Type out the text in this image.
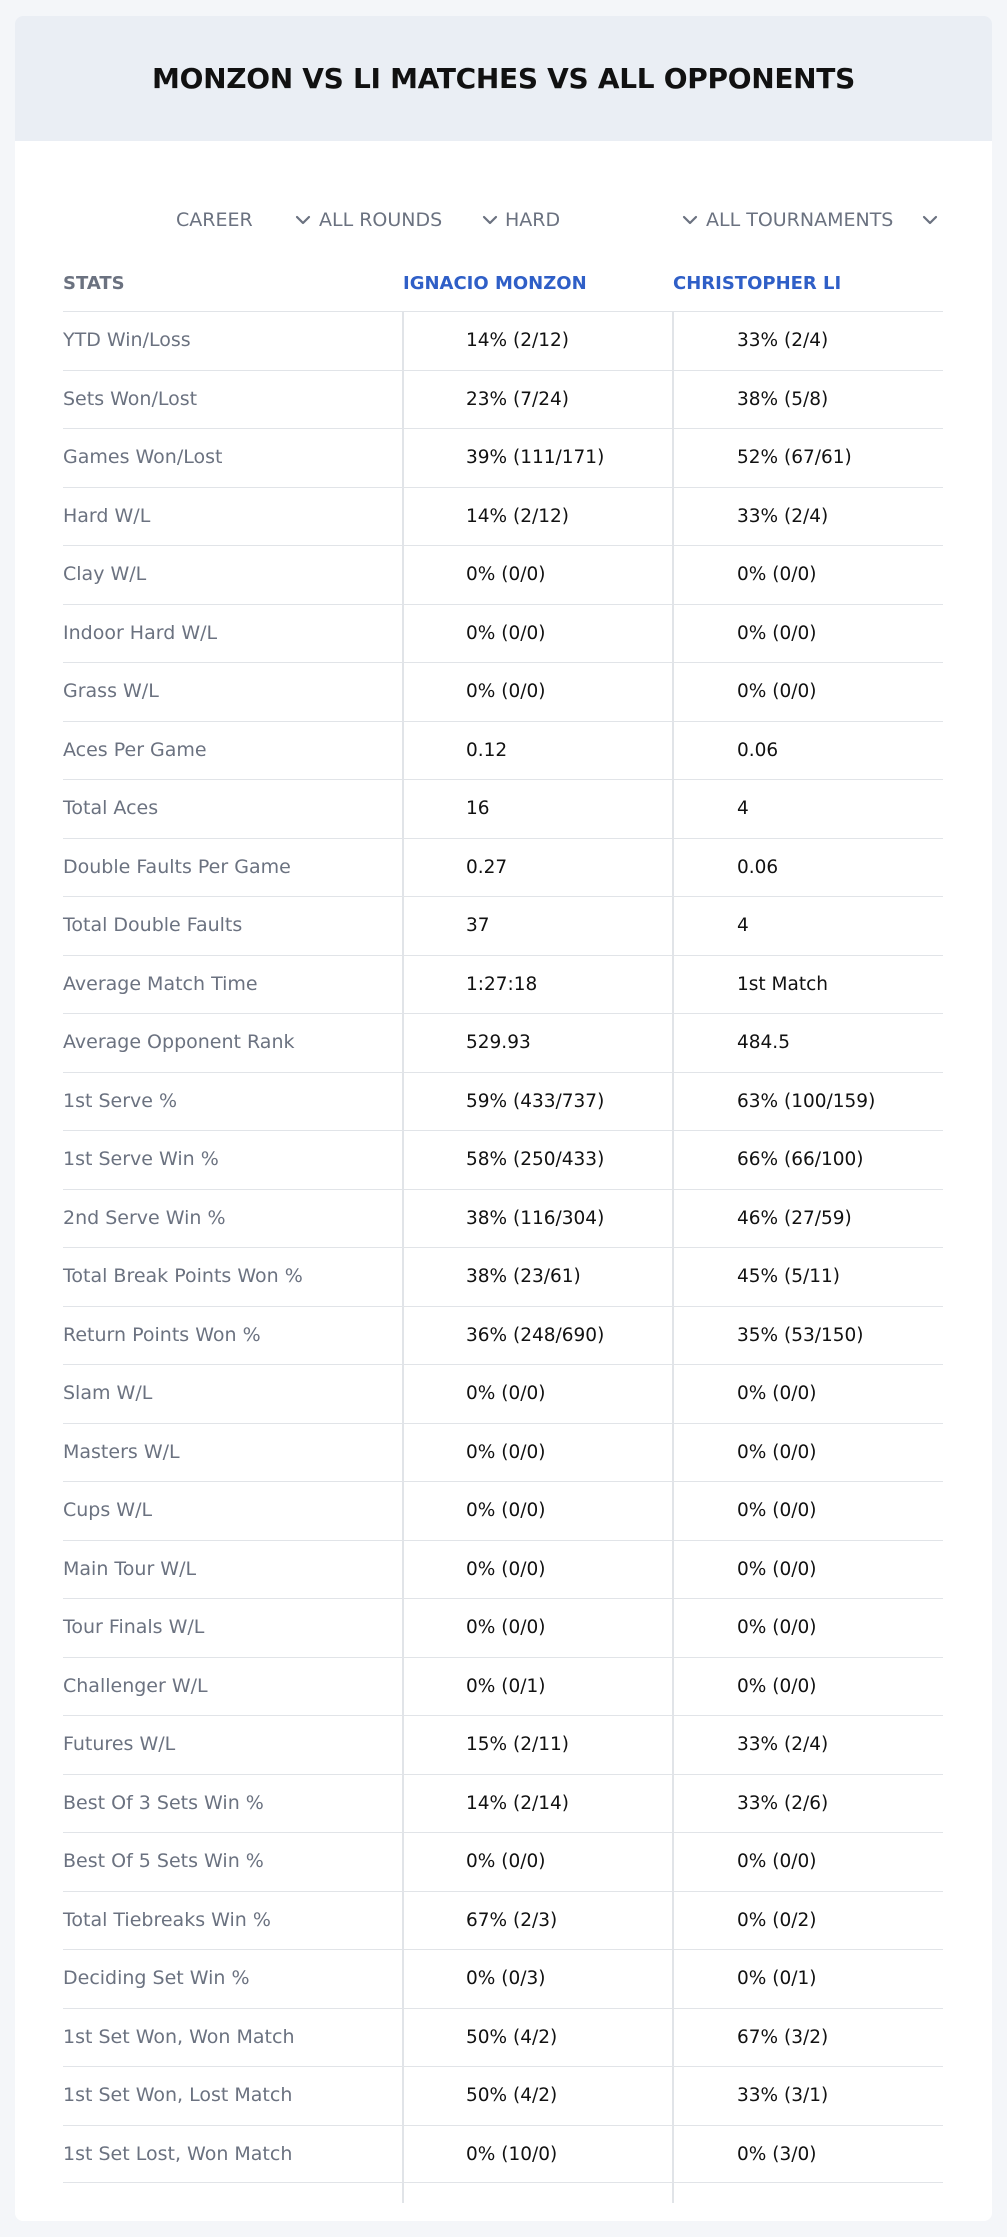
MONZON VS LI MATCHES VS ALL OPPONENTS
CAREER	ALL ROUNDS	HARD	ALL TOURNAMENTS
STATS	IGNACIO MONZON	CHRISTOPHER LI
YTD Win/Loss	14% (2/12)	33% (2/4)
Sets Won/Lost	23% (7/24)	38% (5/8)
Games Won/Lost	39% (111/171)	52% (67/61)
Hard W/L	14% (2/12)	33% (2/4)
Clay W/L	0% (0/0)	0% (0/0)
Indoor Hard W/L	0% (0/0)	0% (0/0)
Grass W/L	0% (0/0)	0% (0/0)
Aces Per Game	0.12	0.06
Total Aces	16	4
Double Faults Per Game	0.27	0.06
Total Double Faults	37	4
Average Match Time	1:27:18	1st Match
Average Opponent Rank	529.93	484.5
1st Serve %	59% (433/737)	63% (100/159)
1st Serve Win %	58% (250/433)	66% (66/100)
2nd Serve Win %	38% (116/304)	46% (27/59)
Total Break Points Won %	38% (23/61)	45% (5/11)
Return Points Won %	36% (248/690)	35% (53/150)
Slam W/L	0% (0/0)	0% (0/0)
Masters W/L	0% (0/0)	0% (0/0)
Cups W/L	0% (0/0)	0% (0/0)
Main Tour W/L	0% (0/0)	0% (0/0)
Tour Finals W/L	0% (0/0)	0% (0/0)
Challenger W/L	0% (0/1)	0% (0/0)
Futures W/L	15% (2/11)	33% (2/4)
Best Of 3 Sets Win %	14% (2/14)	33% (2/6)
Best Of 5 Sets Win %	0% (0/0)	0% (0/0)
Total Tiebreaks Win %	67% (2/3)	0% (0/2)
Deciding Set Win %	0% (0/3)	0% (0/1)
1st Set Won, Won Match	50% (4/2)	67% (3/2)
1st Set Won, Lost Match	50% (4/2)	33% (3/1)
1st Set Lost, Won Match	0% (10/0)	0% (3/0)
